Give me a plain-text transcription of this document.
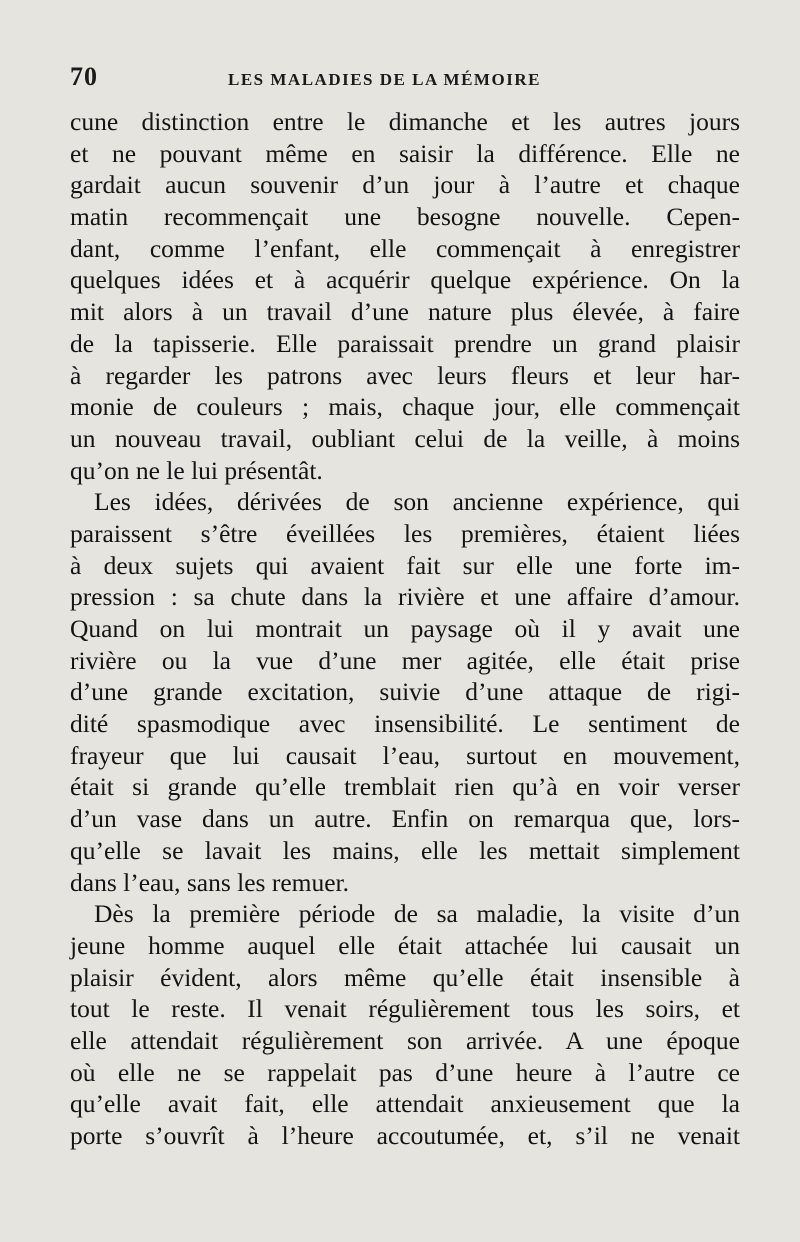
70	LES MALADIES DE LA MÉMOIRE
cune distinction entre le dimanche et les autres jours
et ne pouvant même en saisir la différence. Elle ne
gardait aucun souvenir d’un jour à l’autre et chaque
matin recommençait une besogne nouvelle. Cepen-
dant, comme l’enfant, elle commençait à enregistrer
quelques idées et à acquérir quelque expérience. On la
mit alors à un travail d’une nature plus élevée, à faire
de la tapisserie. Elle paraissait prendre un grand plaisir
à regarder les patrons avec leurs fleurs et leur har-
monie de couleurs ; mais, chaque jour, elle commençait
un nouveau travail, oubliant celui de la veille, à moins
qu’on ne le lui présentât.
Les idées, dérivées de son ancienne expérience, qui
paraissent s’être éveillées les premières, étaient liées
à deux sujets qui avaient fait sur elle une forte im-
pression : sa chute dans la rivière et une affaire d’amour.
Quand on lui montrait un paysage où il y avait une
rivière ou la vue d’une mer agitée, elle était prise
d’une grande excitation, suivie d’une attaque de rigi-
dité spasmodique avec insensibilité. Le sentiment de
frayeur que lui causait l’eau, surtout en mouvement,
était si grande qu’elle tremblait rien qu’à en voir verser
d’un vase dans un autre. Enfin on remarqua que, lors-
qu’elle se lavait les mains, elle les mettait simplement
dans l’eau, sans les remuer.
Dès la première période de sa maladie, la visite d’un
jeune homme auquel elle était attachée lui causait un
plaisir évident, alors même qu’elle était insensible à
tout le reste. Il venait régulièrement tous les soirs, et
elle attendait régulièrement son arrivée. A une époque
où elle ne se rappelait pas d’une heure à l’autre ce
qu’elle avait fait, elle attendait anxieusement que la
porte s’ouvrît à l’heure accoutumée, et, s’il ne venait
